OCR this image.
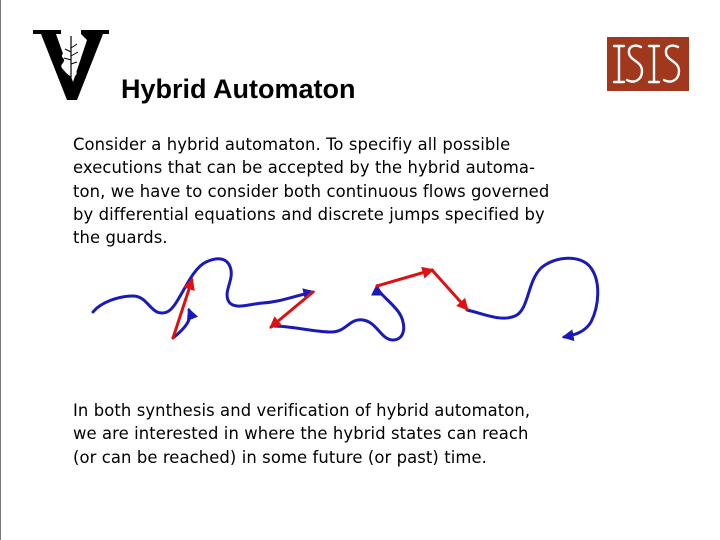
Hybrid Automaton

Consider a hybrid automaton. To specifiy all possible
executions that can be accepted by the hybrid automa-
ton, we have to consider both continuous flows governed
by differential equations and discrete jumps specified by
the guards.

In both synthesis and verification of hybrid automaton,
we are interested in where the hybrid states can reach
(or can be reached) in some future (or past) time.
